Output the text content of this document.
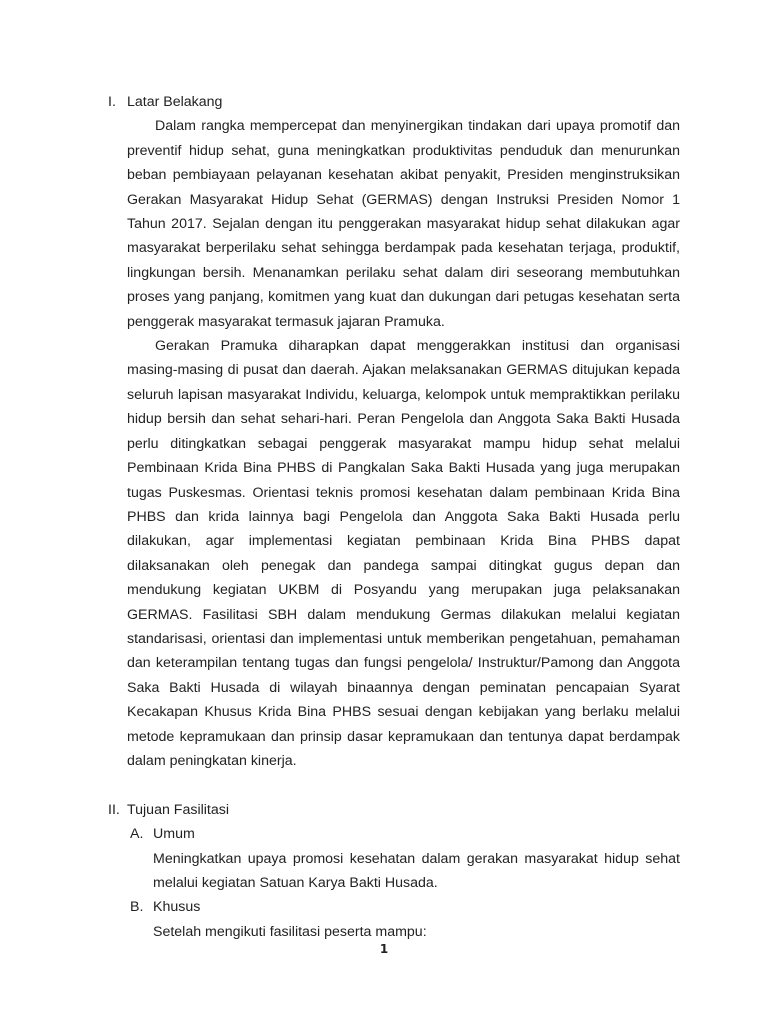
I. Latar Belakang

Dalam rangka mempercepat dan menyinergikan tindakan dari upaya promotif dan preventif hidup sehat, guna meningkatkan produktivitas penduduk dan menurunkan beban pembiayaan pelayanan kesehatan akibat penyakit, Presiden menginstruksikan Gerakan Masyarakat Hidup Sehat (GERMAS) dengan Instruksi Presiden Nomor 1 Tahun 2017. Sejalan dengan itu penggerakan masyarakat hidup sehat dilakukan agar masyarakat berperilaku sehat sehingga berdampak pada kesehatan terjaga, produktif, lingkungan bersih. Menanamkan perilaku sehat dalam diri seseorang membutuhkan proses yang panjang, komitmen yang kuat dan dukungan dari petugas kesehatan serta penggerak masyarakat termasuk jajaran Pramuka.

Gerakan Pramuka diharapkan dapat menggerakkan institusi dan organisasi masing-masing di pusat dan daerah. Ajakan melaksanakan GERMAS ditujukan kepada seluruh lapisan masyarakat Individu, keluarga, kelompok untuk mempraktikkan perilaku hidup bersih dan sehat sehari-hari. Peran Pengelola dan Anggota Saka Bakti Husada perlu ditingkatkan sebagai penggerak masyarakat mampu hidup sehat melalui Pembinaan Krida Bina PHBS di Pangkalan Saka Bakti Husada yang juga merupakan tugas Puskesmas. Orientasi teknis promosi kesehatan dalam pembinaan Krida Bina PHBS dan krida lainnya bagi Pengelola dan Anggota Saka Bakti Husada perlu dilakukan, agar implementasi kegiatan pembinaan Krida Bina PHBS dapat dilaksanakan oleh penegak dan pandega sampai ditingkat gugus depan dan mendukung kegiatan UKBM di Posyandu yang merupakan juga pelaksanakan GERMAS. Fasilitasi SBH dalam mendukung Germas dilakukan melalui kegiatan standarisasi, orientasi dan implementasi untuk memberikan pengetahuan, pemahaman dan keterampilan tentang tugas dan fungsi pengelola/ Instruktur/Pamong dan Anggota Saka Bakti Husada di wilayah binaannya dengan peminatan pencapaian Syarat Kecakapan Khusus Krida Bina PHBS sesuai dengan kebijakan yang berlaku melalui metode kepramukaan dan prinsip dasar kepramukaan dan tentunya dapat berdampak dalam peningkatan kinerja.

II. Tujuan Fasilitasi
A. Umum

Meningkatkan upaya promosi kesehatan dalam gerakan masyarakat hidup sehat melalui kegiatan Satuan Karya Bakti Husada.

B. Khusus

Setelah mengikuti fasilitasi peserta mampu:

1
